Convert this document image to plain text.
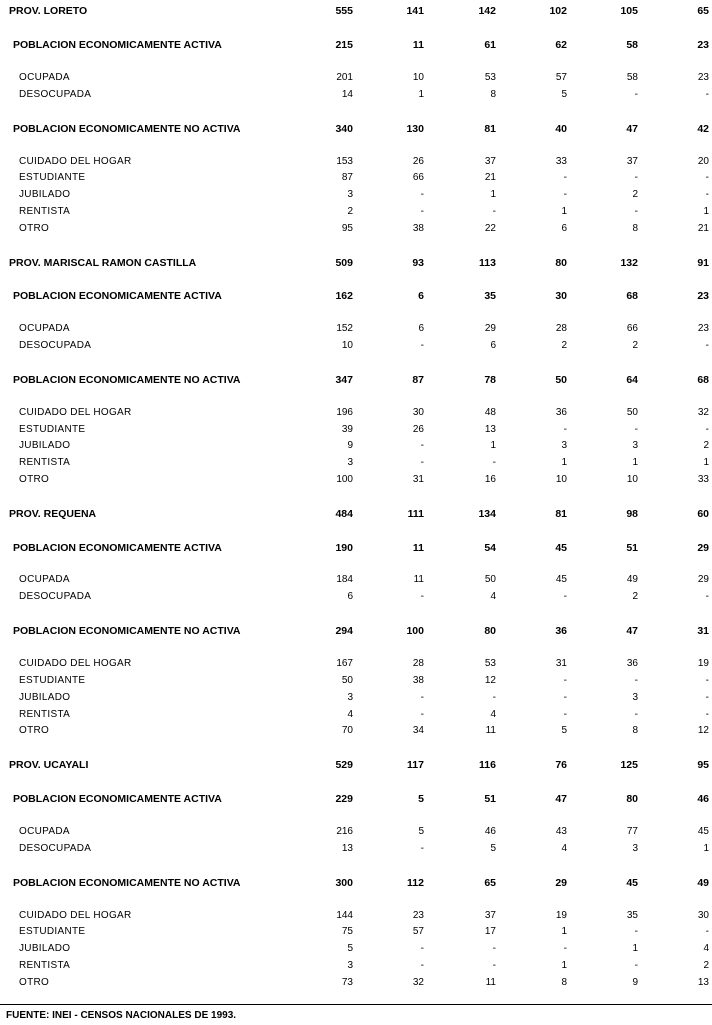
PROV. LORETO	555	141	142	102	105	65
POBLACION ECONOMICAMENTE ACTIVA	215	11	61	62	58	23
OCUPADA	201	10	53	57	58	23
DESOCUPADA	14	1	8	5	-	-
POBLACION ECONOMICAMENTE NO ACTIVA	340	130	81	40	47	42
CUIDADO DEL HOGAR	153	26	37	33	37	20
ESTUDIANTE	87	66	21	-	-	-
JUBILADO	3	-	1	-	2	-
RENTISTA	2	-	-	1	-	1
OTRO	95	38	22	6	8	21
PROV. MARISCAL RAMON CASTILLA	509	93	113	80	132	91
POBLACION ECONOMICAMENTE ACTIVA	162	6	35	30	68	23
OCUPADA	152	6	29	28	66	23
DESOCUPADA	10	-	6	2	2	-
POBLACION ECONOMICAMENTE NO ACTIVA	347	87	78	50	64	68
CUIDADO DEL HOGAR	196	30	48	36	50	32
ESTUDIANTE	39	26	13	-	-	-
JUBILADO	9	-	1	3	3	2
RENTISTA	3	-	-	1	1	1
OTRO	100	31	16	10	10	33
PROV. REQUENA	484	111	134	81	98	60
POBLACION ECONOMICAMENTE ACTIVA	190	11	54	45	51	29
OCUPADA	184	11	50	45	49	29
DESOCUPADA	6	-	4	-	2	-
POBLACION ECONOMICAMENTE NO ACTIVA	294	100	80	36	47	31
CUIDADO DEL HOGAR	167	28	53	31	36	19
ESTUDIANTE	50	38	12	-	-	-
JUBILADO	3	-	-	-	3	-
RENTISTA	4	-	4	-	-	-
OTRO	70	34	11	5	8	12
PROV. UCAYALI	529	117	116	76	125	95
POBLACION ECONOMICAMENTE ACTIVA	229	5	51	47	80	46
OCUPADA	216	5	46	43	77	45
DESOCUPADA	13	-	5	4	3	1
POBLACION ECONOMICAMENTE NO ACTIVA	300	112	65	29	45	49
CUIDADO DEL HOGAR	144	23	37	19	35	30
ESTUDIANTE	75	57	17	1	-	-
JUBILADO	5	-	-	-	1	4
RENTISTA	3	-	-	1	-	2
OTRO	73	32	11	8	9	13
FUENTE: INEI - CENSOS NACIONALES DE 1993.
